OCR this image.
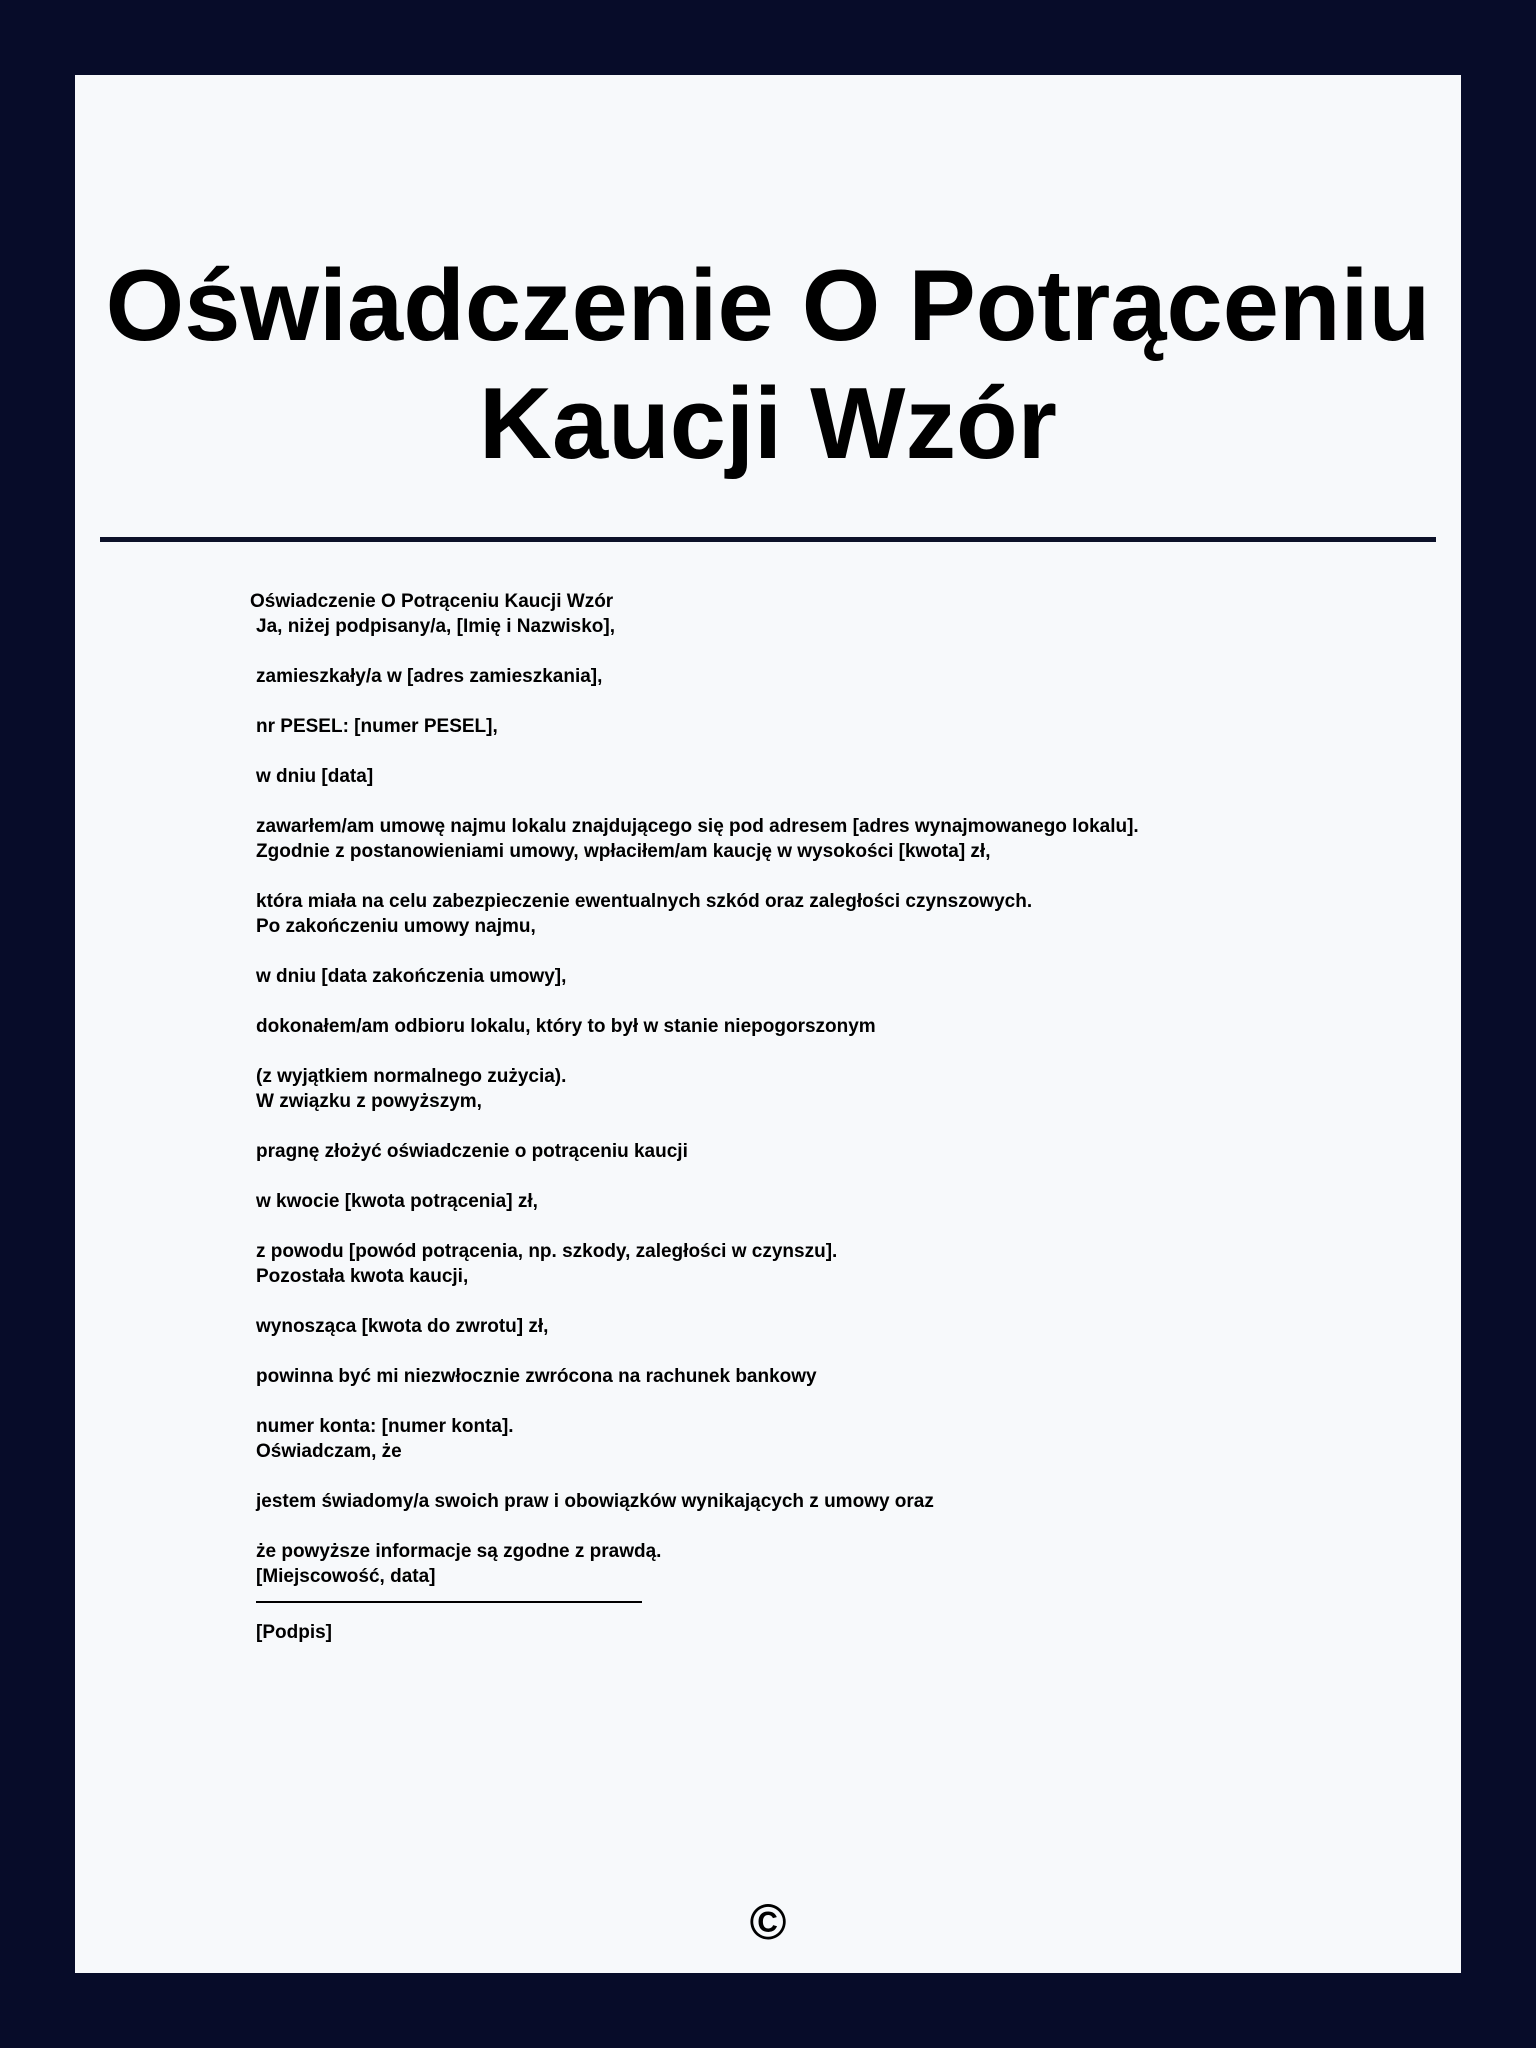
Oświadczenie O Potrąceniu Kaucji Wzór

Oświadczenie O Potrąceniu Kaucji Wzór

Ja, niżej podpisany/a, [Imię i Nazwisko],

zamieszkały/a w [adres zamieszkania],

nr PESEL: [numer PESEL],

w dniu [data]

zawarłem/am umowę najmu lokalu znajdującego się pod adresem [adres wynajmowanego lokalu].

Zgodnie z postanowieniami umowy, wpłaciłem/am kaucję w wysokości [kwota] zł,

która miała na celu zabezpieczenie ewentualnych szkód oraz zaległości czynszowych.

Po zakończeniu umowy najmu,

w dniu [data zakończenia umowy],

dokonałem/am odbioru lokalu, który to był w stanie niepogorszonym

(z wyjątkiem normalnego zużycia).

W związku z powyższym,

pragnę złożyć oświadczenie o potrąceniu kaucji

w kwocie [kwota potrącenia] zł,

z powodu [powód potrącenia, np. szkody, zaległości w czynszu].

Pozostała kwota kaucji,

wynosząca [kwota do zwrotu] zł,

powinna być mi niezwłocznie zwrócona na rachunek bankowy

numer konta: [numer konta].

Oświadczam, że

jestem świadomy/a swoich praw i obowiązków wynikających z umowy oraz

że powyższe informacje są zgodne z prawdą.

[Miejscowość, data]

[Podpis]

©
